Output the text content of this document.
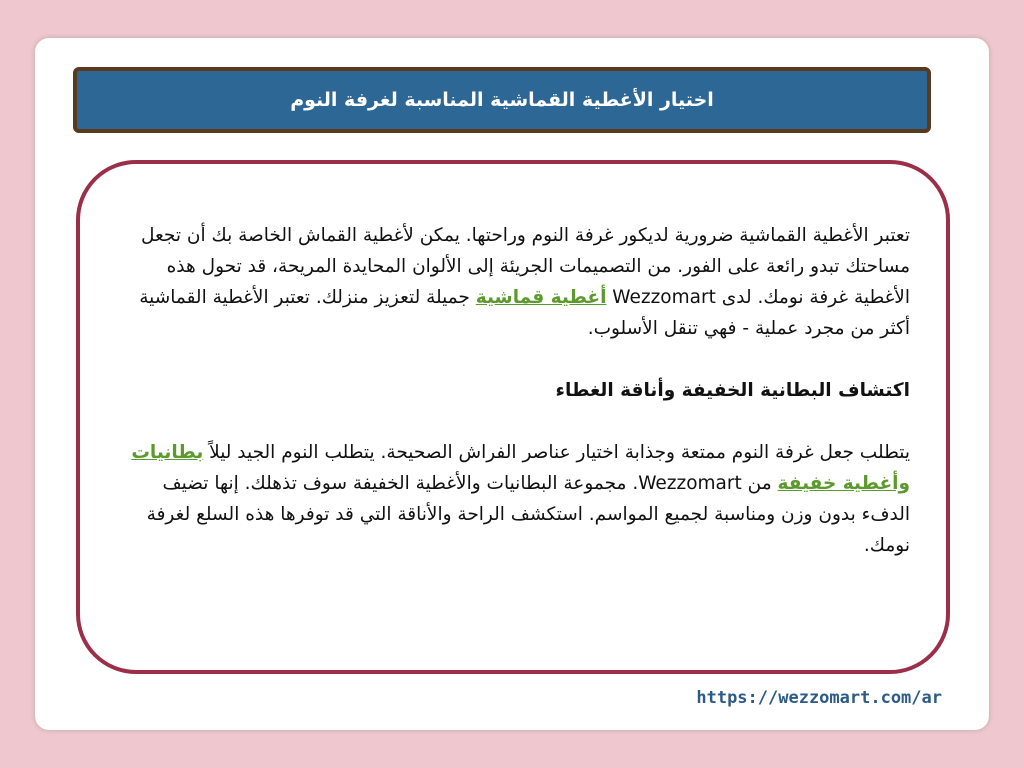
اختيار الأغطية القماشية المناسبة لغرفة النوم

تعتبر الأغطية القماشية ضرورية لديكور غرفة النوم وراحتها. يمكن لأغطية القماش الخاصة بك أن تجعل مساحتك تبدو رائعة على الفور. من التصميمات الجريئة إلى الألوان المحايدة المريحة، قد تحول هذه الأغطية غرفة نومك. لدى Wezzomart أغطية قماشية جميلة لتعزيز منزلك. تعتبر الأغطية القماشية أكثر من مجرد عملية - فهي تنقل الأسلوب.

اكتشاف البطانية الخفيفة وأناقة الغطاء

يتطلب جعل غرفة النوم ممتعة وجذابة اختيار عناصر الفراش الصحيحة. يتطلب النوم الجيد ليلاً بطانيات وأغطية خفيفة من Wezzomart. مجموعة البطانيات والأغطية الخفيفة سوف تذهلك. إنها تضيف الدفء بدون وزن ومناسبة لجميع المواسم. استكشف الراحة والأناقة التي قد توفرها هذه السلع لغرفة نومك.

https://wezzomart.com/ar
